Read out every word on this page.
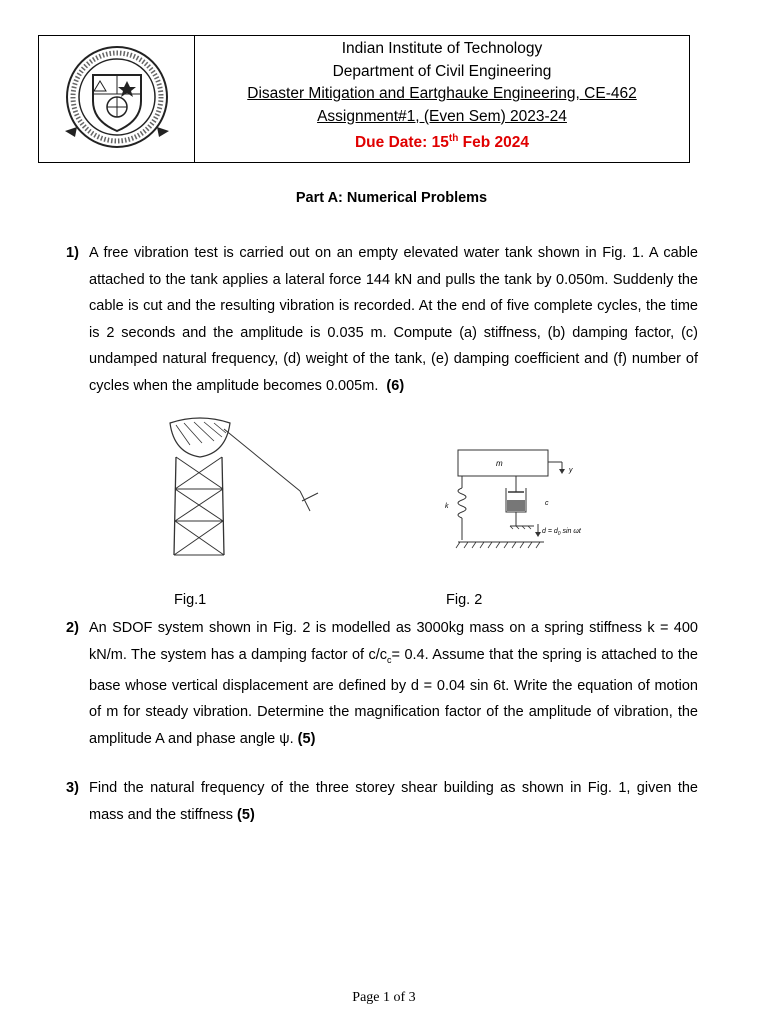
Indian Institute of Technology
Department of Civil Engineering
Disaster Mitigation and Eartghauke Engineering, CE-462
Assignment#1, (Even Sem) 2023-24
Due Date: 15th Feb 2024
Part A: Numerical Problems
1) A free vibration test is carried out on an empty elevated water tank shown in Fig. 1. A cable attached to the tank applies a lateral force 144 kN and pulls the tank by 0.050m. Suddenly the cable is cut and the resulting vibration is recorded. At the end of five complete cycles, the time is 2 seconds and the amplitude is 0.035 m. Compute (a) stiffness, (b) damping factor, (c) undamped natural frequency, (d) weight of the tank, (e) damping coefficient and (f) number of cycles when the amplitude becomes 0.005m. (6)
m
y
k	c
$d = d_0$ sin ωt
Fig.1	Fig. 2
2) An SDOF system shown in Fig. 2 is modelled as 3000kg mass on a spring stiffness k = 400 kN/m. The system has a damping factor of $c/c_c= 0.4$. Assume that the spring is attached to the base whose vertical displacement are defined by d = 0.04 sin 6t. Write the equation of motion of m for steady vibration. Determine the magnification factor of the amplitude of vibration, the amplitude A and phase angle ψ. (5)
3) Find the natural frequency of the three storey shear building as shown in Fig. 1, given the mass and the stiffness (5)
Page 1 of 3
